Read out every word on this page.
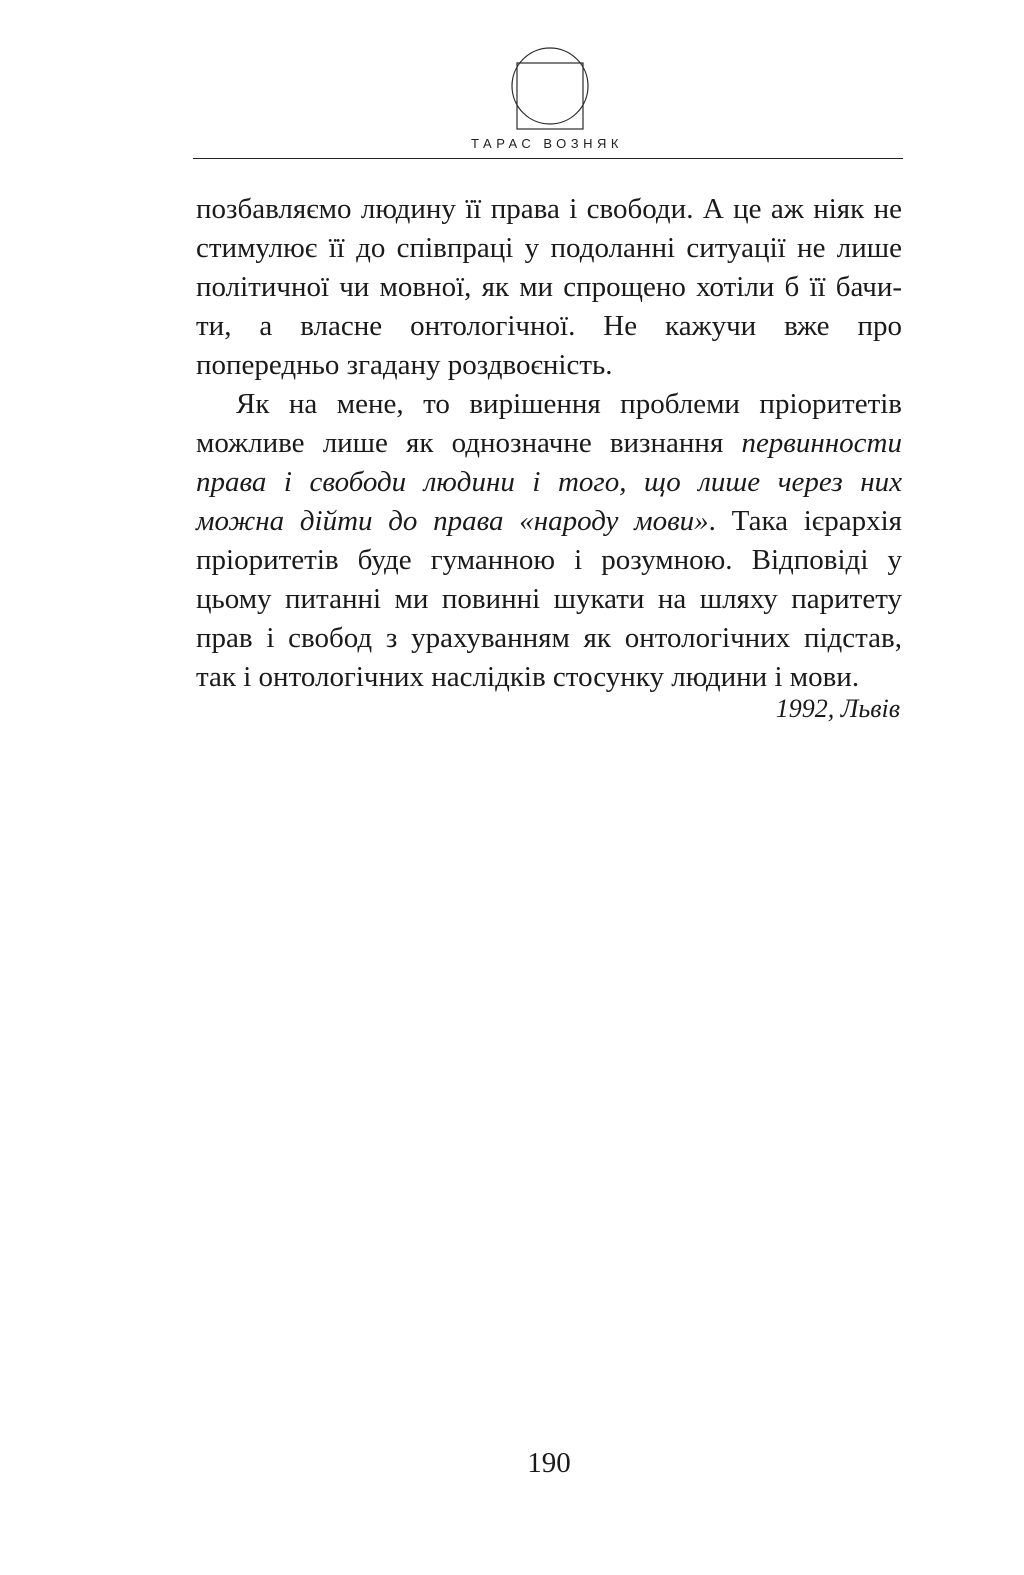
ТАРАС ВОЗНЯК

позбавляємо людину її права і свободи. А це аж ніяк не стимулює її до співпраці у подоланні ситуації не лише політичної чи мовної, як ми спрощено хотіли б її бачи-ти, а власне онтологічної. Не кажучи вже про попередньо згадану роздвоєність.

Як на мене, то вирішення проблеми пріоритетів можливе лише як однозначне визнання первинности права і свободи людини і того, що лише через них можна дійти до права «народу мови». Така ієрархія пріоритетів буде гуманною і розумною. Відповіді у цьому питанні ми повинні шукати на шляху паритету прав і свобод з урахуванням як онтологічних підстав, так і онтологічних наслідків стосунку людини і мови.

1992, Львів
190
